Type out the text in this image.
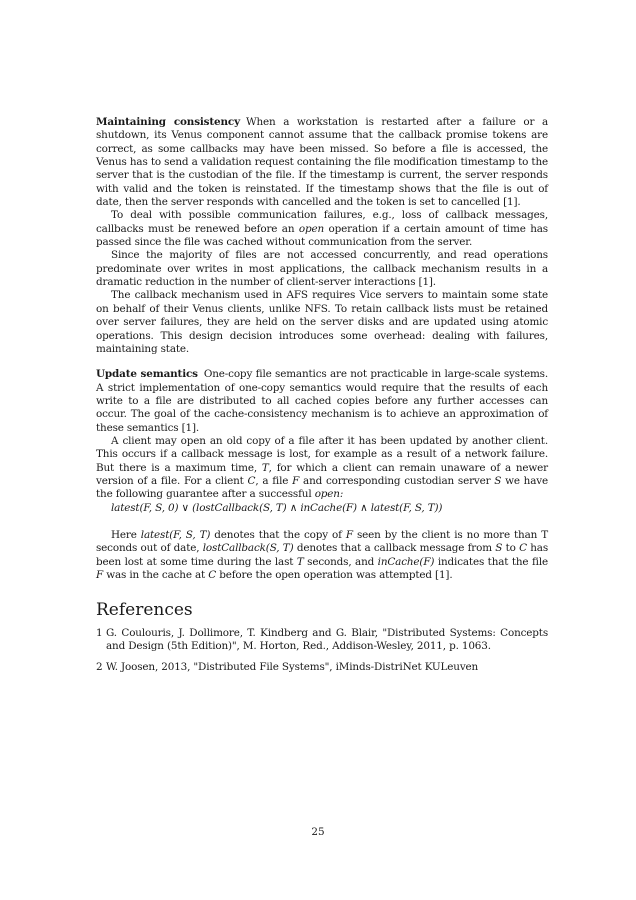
Maintaining consistency When a workstation is restarted after a failure or a shutdown, its Venus component cannot assume that the callback promise tokens are correct, as some callbacks may have been missed. So before a file is accessed, the Venus has to send a validation request containing the file modification timestamp to the server that is the custodian of the file. If the timestamp is current, the server responds with valid and the token is reinstated. If the timestamp shows that the file is out of date, then the server responds with cancelled and the token is set to cancelled [1].

To deal with possible communication failures, e.g., loss of callback messages, callbacks must be renewed before an open operation if a certain amount of time has passed since the file was cached without communication from the server.

Since the majority of files are not accessed concurrently, and read operations predominate over writes in most applications, the callback mechanism results in a dramatic reduction in the number of client-server interactions [1].

The callback mechanism used in AFS requires Vice servers to maintain some state on behalf of their Venus clients, unlike NFS. To retain callback lists must be retained over server failures, they are held on the server disks and are updated using atomic operations. This design decision introduces some overhead: dealing with failures, maintaining state.

Update semantics One-copy file semantics are not practicable in large-scale systems. A strict implementation of one-copy semantics would require that the results of each write to a file are distributed to all cached copies before any further accesses can occur. The goal of the cache-consistency mechanism is to achieve an approximation of these semantics [1].

A client may open an old copy of a file after it has been updated by another client. This occurs if a callback message is lost, for example as a result of a network failure. But there is a maximum time, T, for which a client can remain unaware of a newer version of a file. For a client C, a file F and corresponding custodian server S we have the following guarantee after a successful open:

latest(F, S, 0) ∨ (lostCallback(S, T) ∧ inCache(F) ∧ latest(F, S, T))

Here latest(F, S, T) denotes that the copy of F seen by the client is no more than T seconds out of date, lostCallback(S, T) denotes that a callback message from S to C has been lost at some time during the last T seconds, and inCache(F) indicates that the file F was in the cache at C before the open operation was attempted [1].

References
1 G. Coulouris, J. Dollimore, T. Kindberg and G. Blair, "Distributed Systems: Concepts and Design (5th Edition)", M. Horton, Red., Addison-Wesley, 2011, p. 1063.
2 W. Joosen, 2013, "Distributed File Systems", iMinds-DistriNet KULeuven
25
